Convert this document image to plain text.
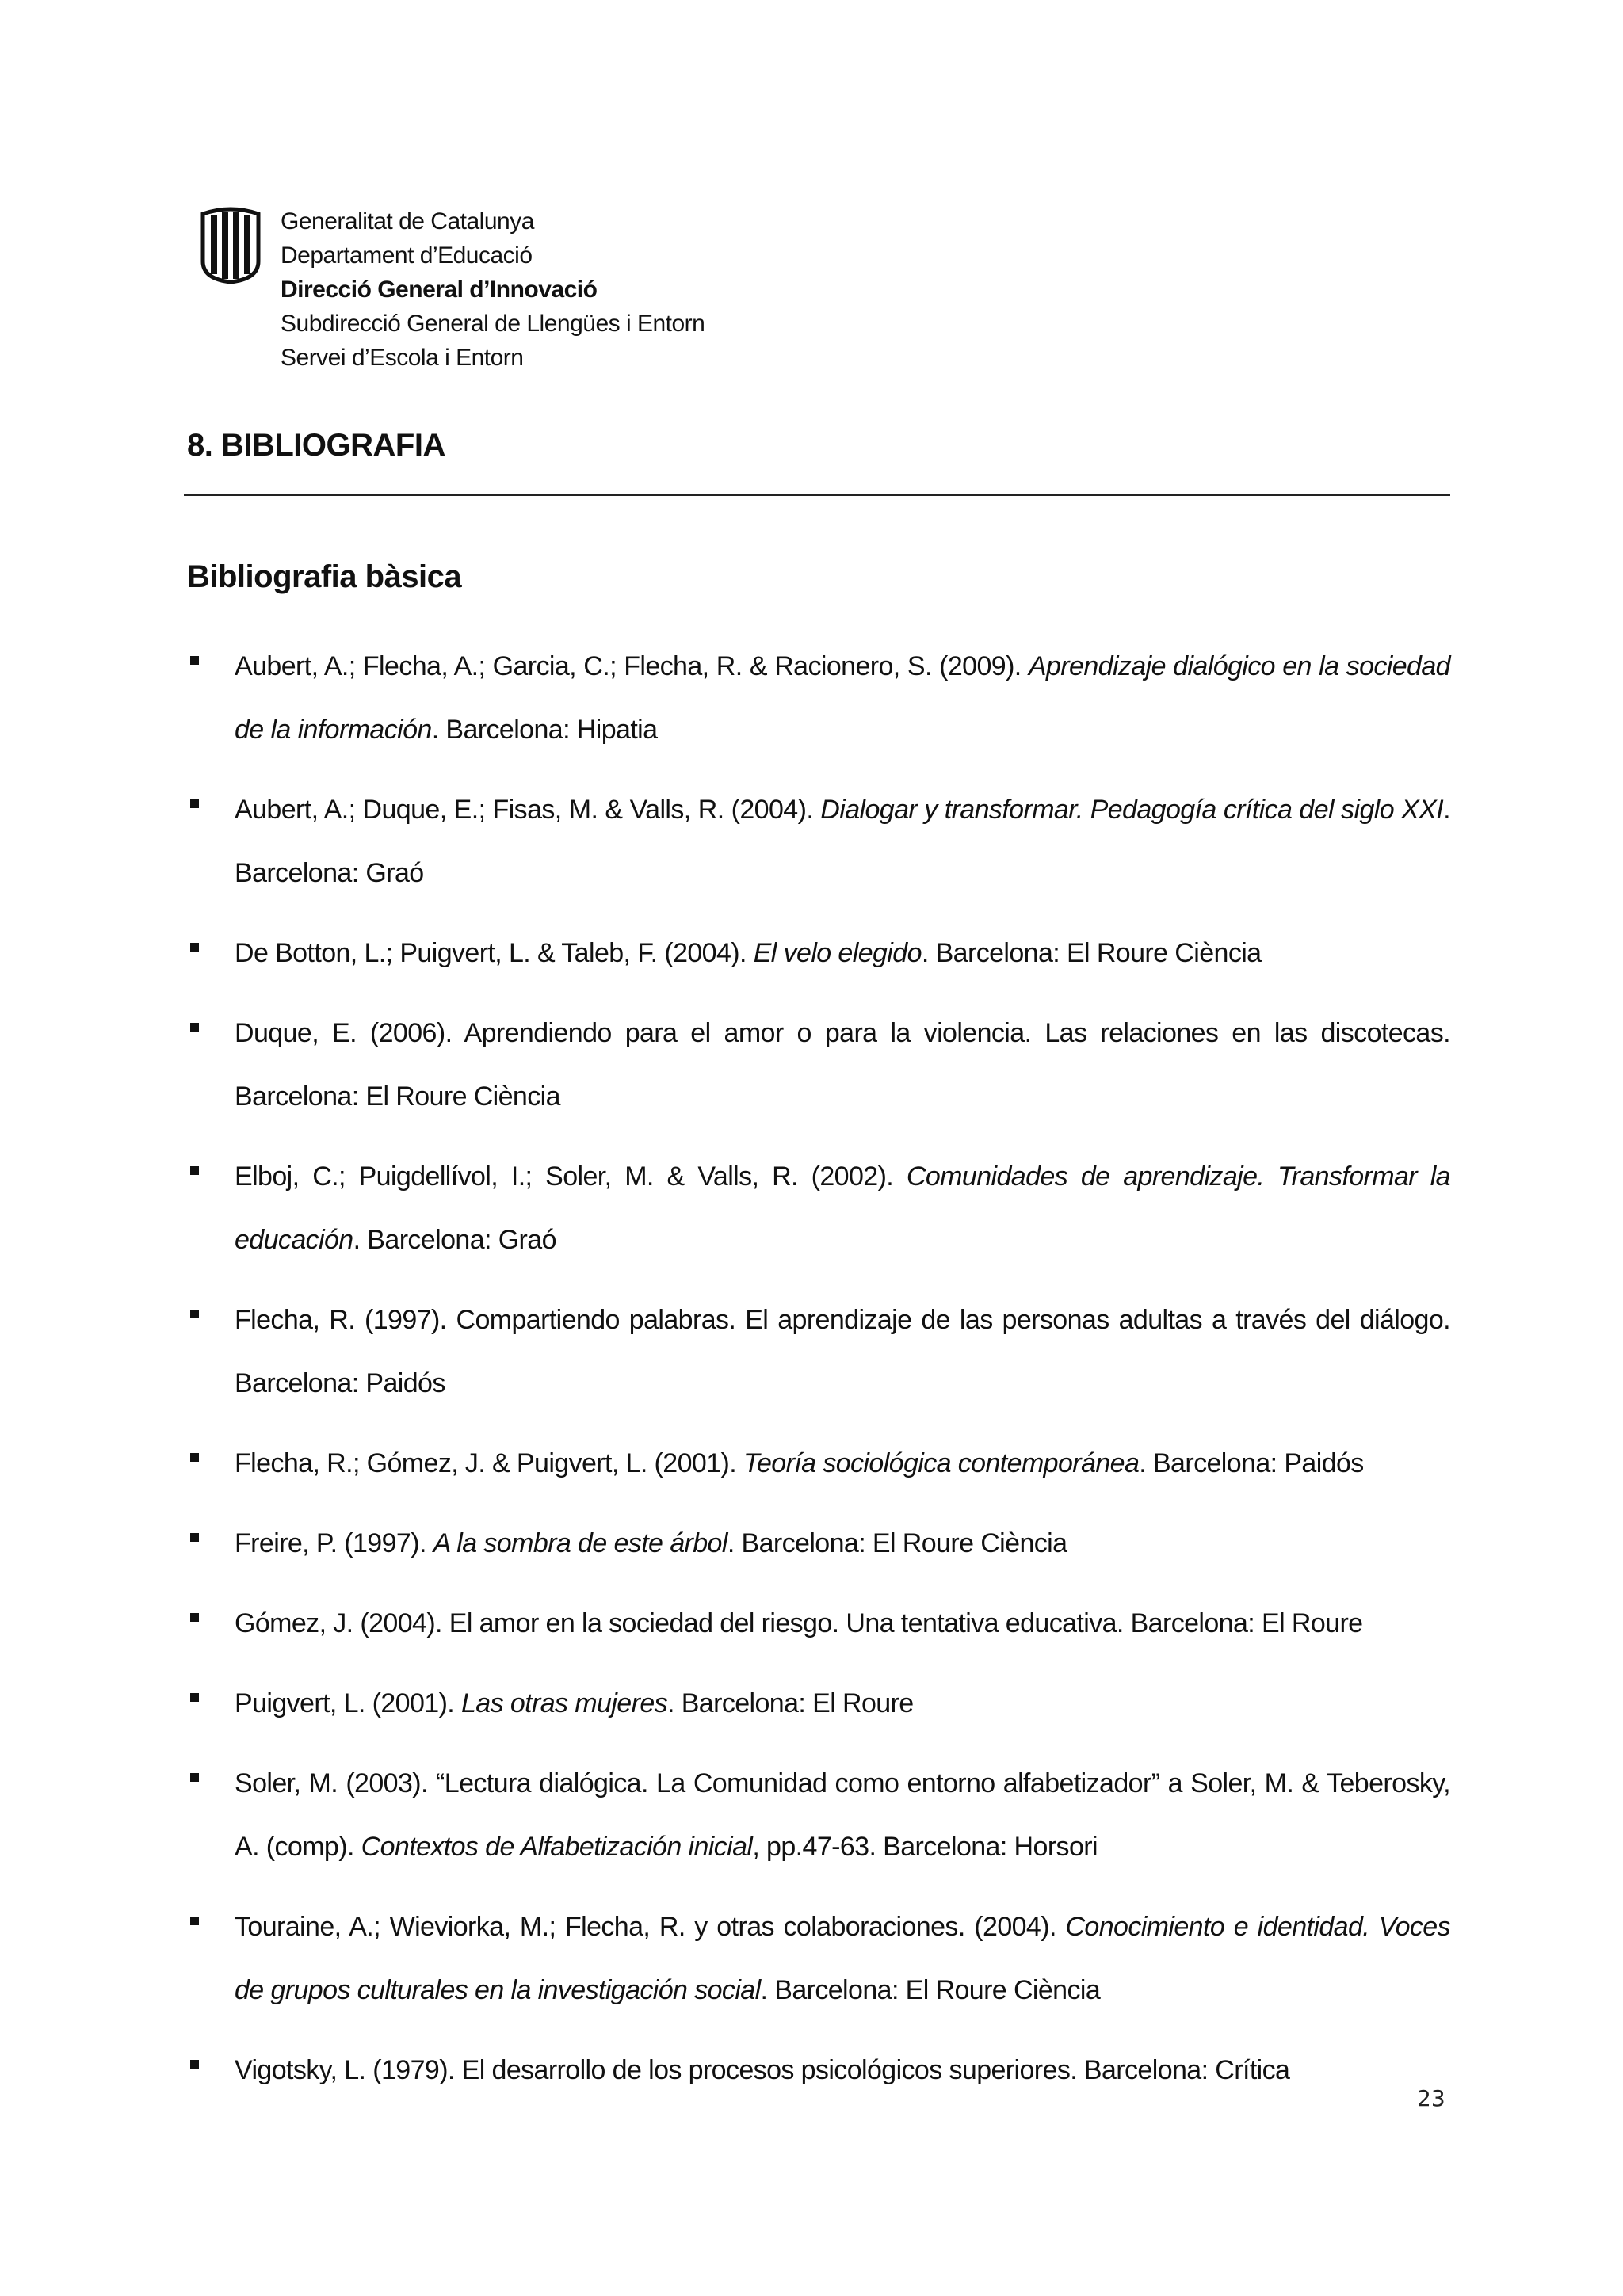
Generalitat de Catalunya
Departament d’Educació
Direcció General d’Innovació
Subdirecció General de Llengües i Entorn
Servei d’Escola i Entorn
8. BIBLIOGRAFIA
Bibliografia bàsica
Aubert, A.; Flecha, A.; Garcia, C.; Flecha, R. & Racionero, S. (2009). Aprendizaje dialógico en la sociedad de la información. Barcelona: Hipatia
Aubert, A.; Duque, E.; Fisas, M. & Valls, R. (2004). Dialogar y transformar. Pedagogía crítica del siglo XXI. Barcelona: Graó
De Botton, L.; Puigvert, L. & Taleb, F. (2004). El velo elegido. Barcelona: El Roure Ciència
Duque, E. (2006). Aprendiendo para el amor o para la violencia. Las relaciones en las discotecas. Barcelona: El Roure Ciència
Elboj, C.; Puigdellívol, I.; Soler, M. & Valls, R. (2002). Comunidades de aprendizaje. Transformar la educación. Barcelona: Graó
Flecha, R. (1997). Compartiendo palabras. El aprendizaje de las personas adultas a través del diálogo. Barcelona: Paidós
Flecha, R.; Gómez, J. & Puigvert, L. (2001). Teoría sociológica contemporánea. Barcelona: Paidós
Freire, P. (1997). A la sombra de este árbol. Barcelona: El Roure Ciència
Gómez, J. (2004). El amor en la sociedad del riesgo. Una tentativa educativa. Barcelona: El Roure
Puigvert, L. (2001). Las otras mujeres. Barcelona: El Roure
Soler, M. (2003). “Lectura dialógica. La Comunidad como entorno alfabetizador” a Soler, M. & Teberosky, A. (comp). Contextos de Alfabetización inicial, pp.47-63. Barcelona: Horsori
Touraine, A.; Wieviorka, M.; Flecha, R. y otras colaboraciones. (2004). Conocimiento e identidad. Voces de grupos culturales en la investigación social. Barcelona: El Roure Ciència
Vigotsky, L. (1979). El desarrollo de los procesos psicológicos superiores. Barcelona: Crítica
23
